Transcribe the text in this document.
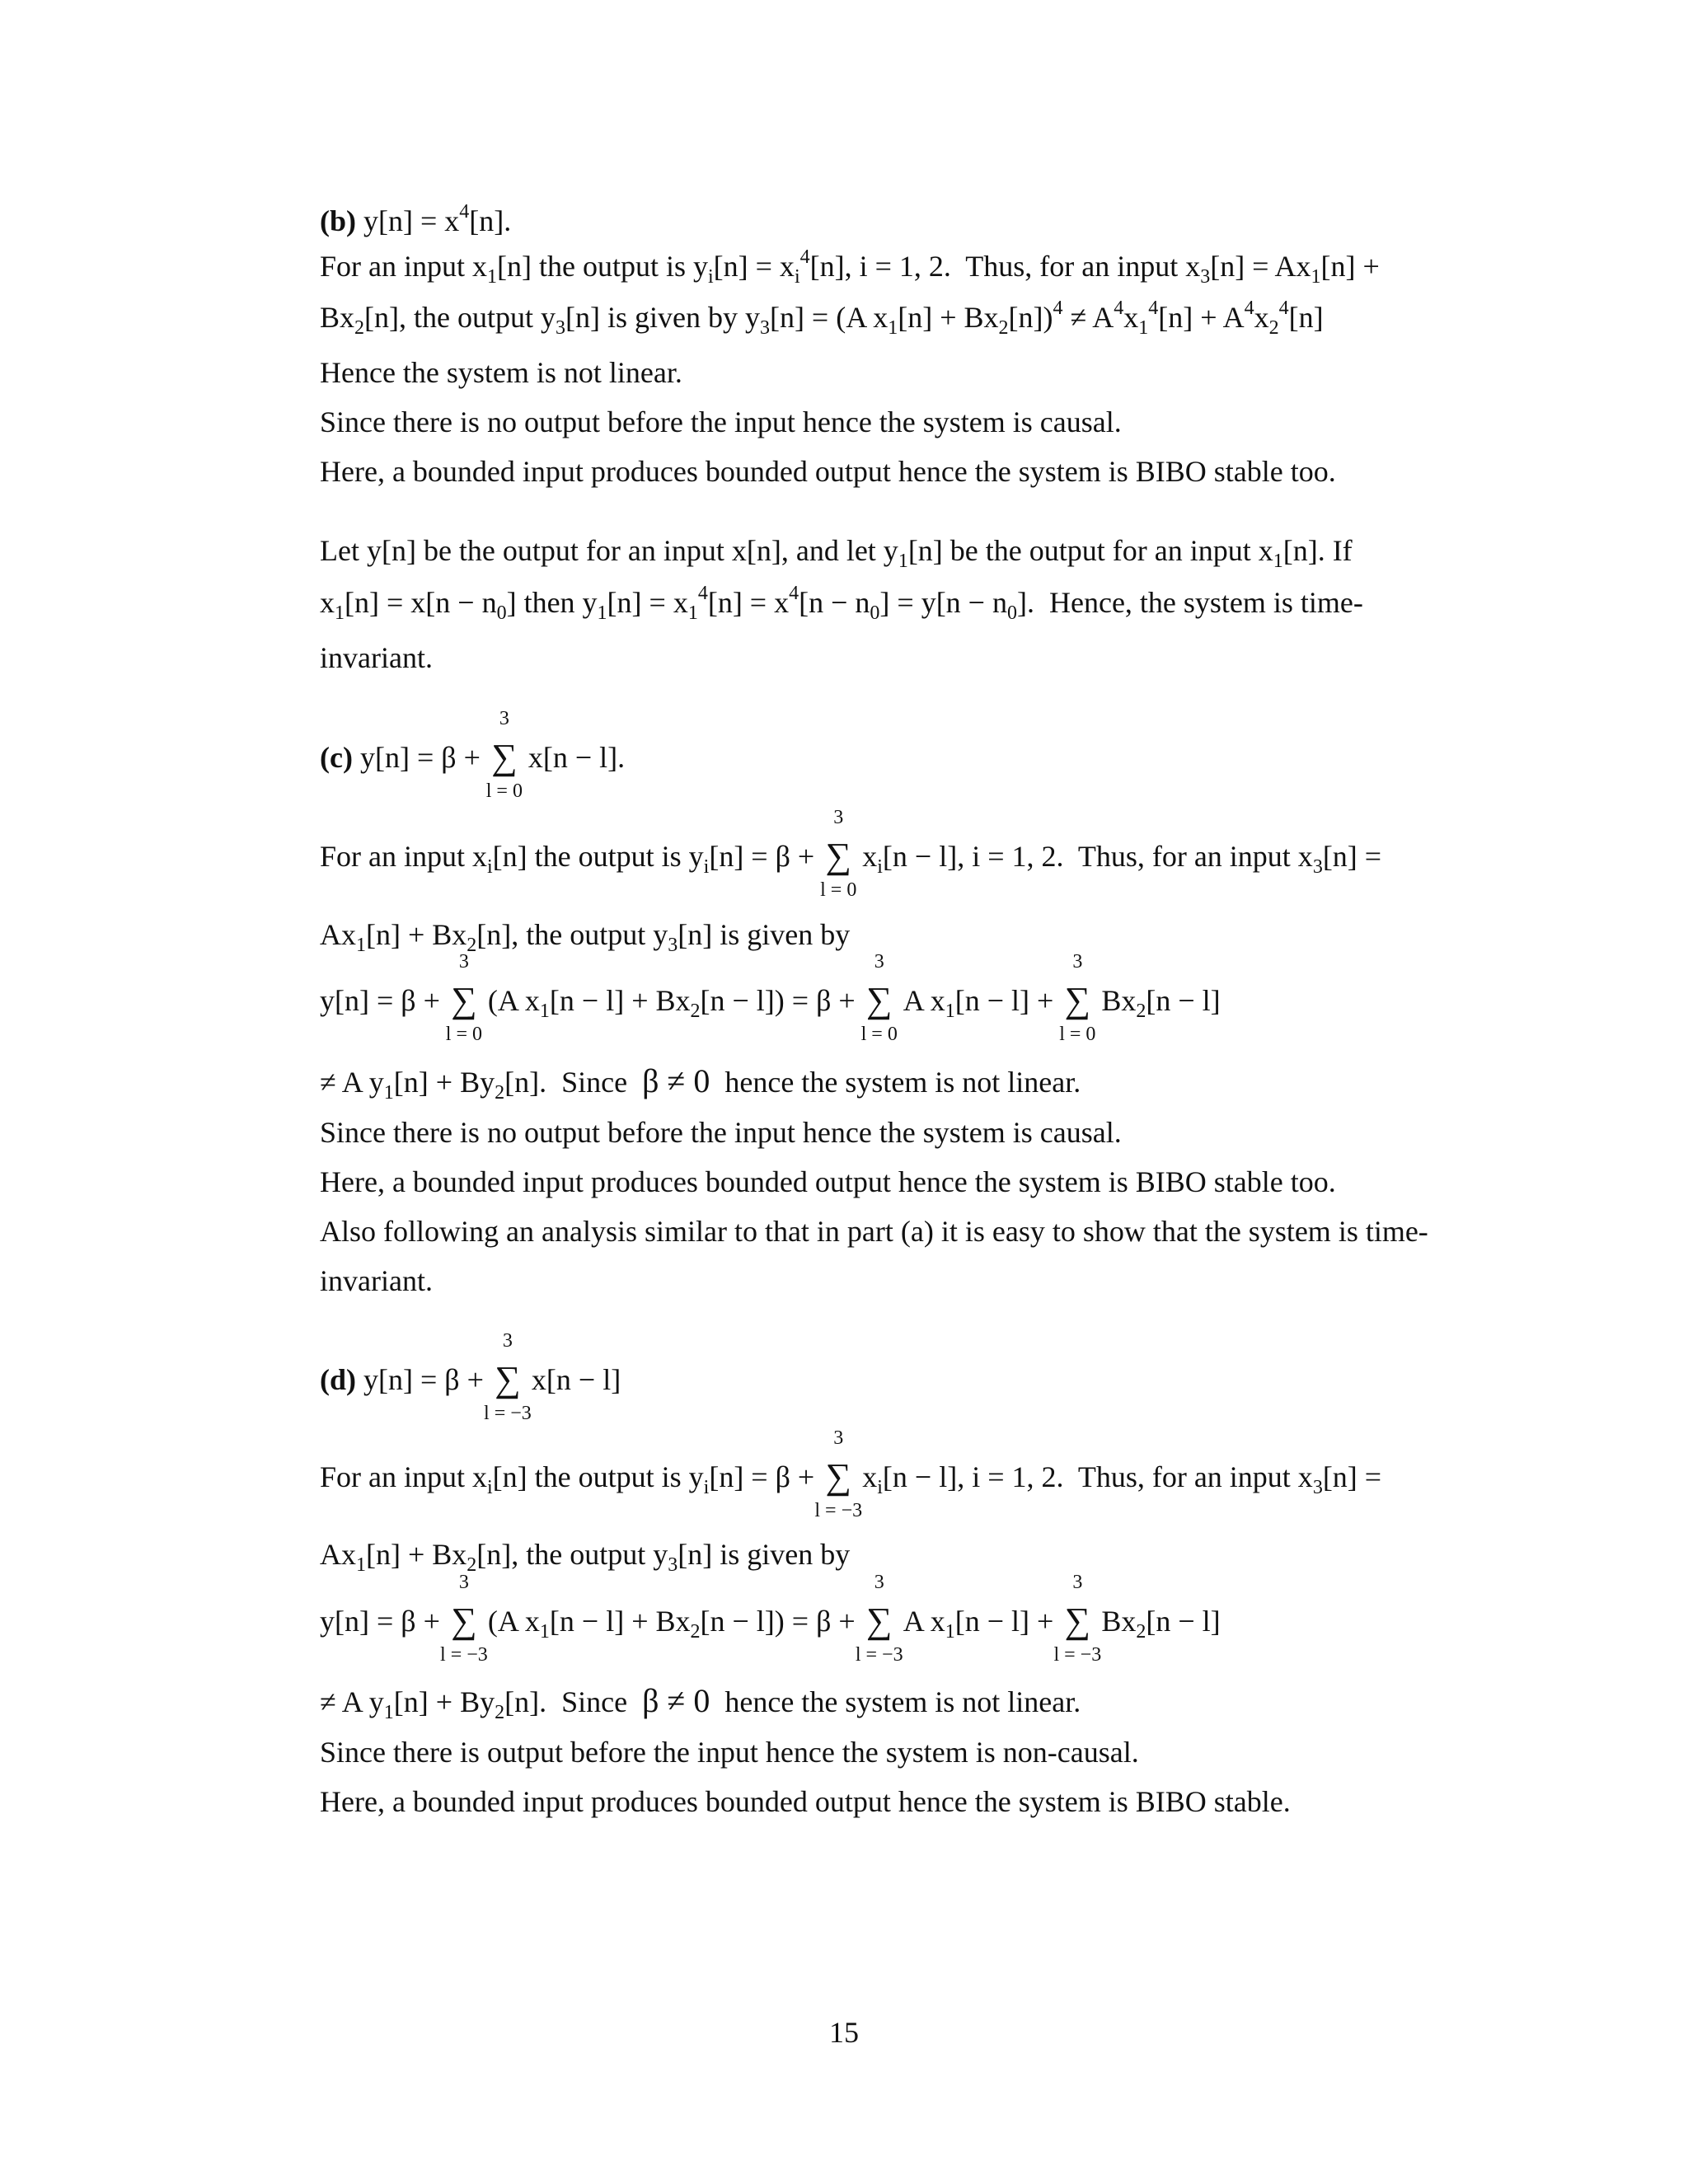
(b) $y[n] = x^4[n]$.
For an input $x_1[n]$ the output is $y_i[n] = x_i^4[n]$, i = 1, 2.  Thus, for an input $x_3[n] = Ax_1[n]$ +
$Bx_2[n]$, the output $y_3[n]$ is given by $y_3[n] = (A$ $x_1[n] + Bx_2[n])^4 \ne A^4x_1^4[n] + A^4x_2^4[n]$
Hence the system is not linear.
Since there is no output before the input hence the system is causal.
Here, a bounded input produces bounded output hence the system is BIBO stable too.
Let y[n] be the output for an input x[n], and let $y_1[n]$ be the output for an input $x_1[n]$. If
$x_1[n] = x[n - n_0]$ then $y_1[n] = x_1^4[n] = x^4[n - n_0] = y[n - n_0]$.  Hence, the system is time-
invariant.
(c) y[n] = β +
3
∑
l = 0
x[n − l].
For an input $x_i[n]$ the output is $y_i[n] = \beta$ +
3
∑
l = 0
$x_i[n - l]$, i = 1, 2.  Thus, for an input $x_3[n]$ =
$Ax_1[n] + Bx_2[n]$, the output $y_3[n]$ is given by
y[n] = β +
3
∑
l = 0
(A $x_1[n - l] + Bx_2[n - l]) = \beta$ +
3
∑
l = 0
A $x_1[n - l]$ +
3
∑
l = 0
$Bx_2[n - l]$
≠ A $y_1[n] + By_2[n]$.  Since  β ≠ 0  hence the system is not linear.
Since there is no output before the input hence the system is causal.
Here, a bounded input produces bounded output hence the system is BIBO stable too.
Also following an analysis similar to that in part (a) it is easy to show that the system is time-
invariant.
(d) y[n] = β +
3
∑
l = −3
x[n − l]
For an input $x_i[n]$ the output is $y_i[n] = \beta$ +
3
∑
l = −3
$x_i[n - l]$, i = 1, 2.  Thus, for an input $x_3[n]$ =
$Ax_1[n] + Bx_2[n]$, the output $y_3[n]$ is given by
y[n] = β +
3
∑
l = −3
(A $x_1[n - l] + Bx_2[n - l]) = \beta$ +
3
∑
l = −3
A $x_1[n - l]$ +
3
∑
l = −3
$Bx_2[n - l]$
≠ A $y_1[n] + By_2[n]$.  Since  β ≠ 0  hence the system is not linear.
Since there is output before the input hence the system is non-causal.
Here, a bounded input produces bounded output hence the system is BIBO stable.
15
